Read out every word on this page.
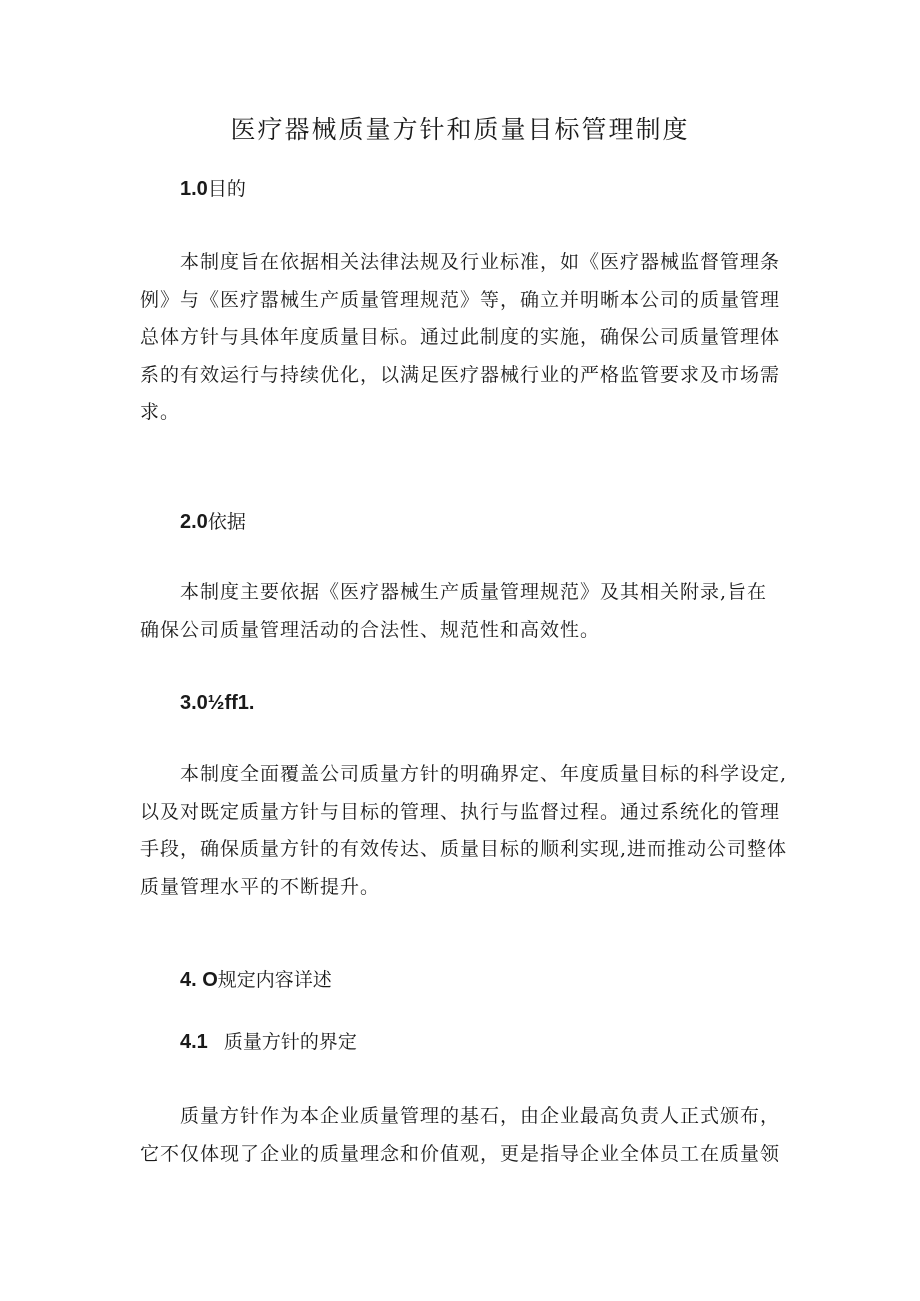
医疗器械质量方针和质量目标管理制度
1.0目的
本制度旨在依据相关法律法规及行业标准，如《医疗器械监督管理条
例》与《医疗嚣械生产质量管理规范》等，确立并明晰本公司的质量管理
总体方针与具体年度质量目标。通过此制度的实施，确保公司质量管理体
系的有效运行与持续优化，以满足医疗器械行业的严格监管要求及市场需
求。
2.0依据
本制度主要依据《医疗器械生产质量管理规范》及其相关附录,旨在
确保公司质量管理活动的合法性、规范性和高效性。
3.0½ff1.
本制度全面覆盖公司质量方针的明确界定、年度质量目标的科学设定,
以及对既定质量方针与目标的管理、执行与监督过程。通过系统化的管理
手段，确保质量方针的有效传达、质量目标的顺利实现,进而推动公司整体
质量管理水平的不断提升。
4. O规定内容详述
4.1 质量方针的界定
质量方针作为本企业质量管理的基石，由企业最高负责人正式颁布，
它不仅体现了企业的质量理念和价值观，更是指导企业全体员工在质量领
